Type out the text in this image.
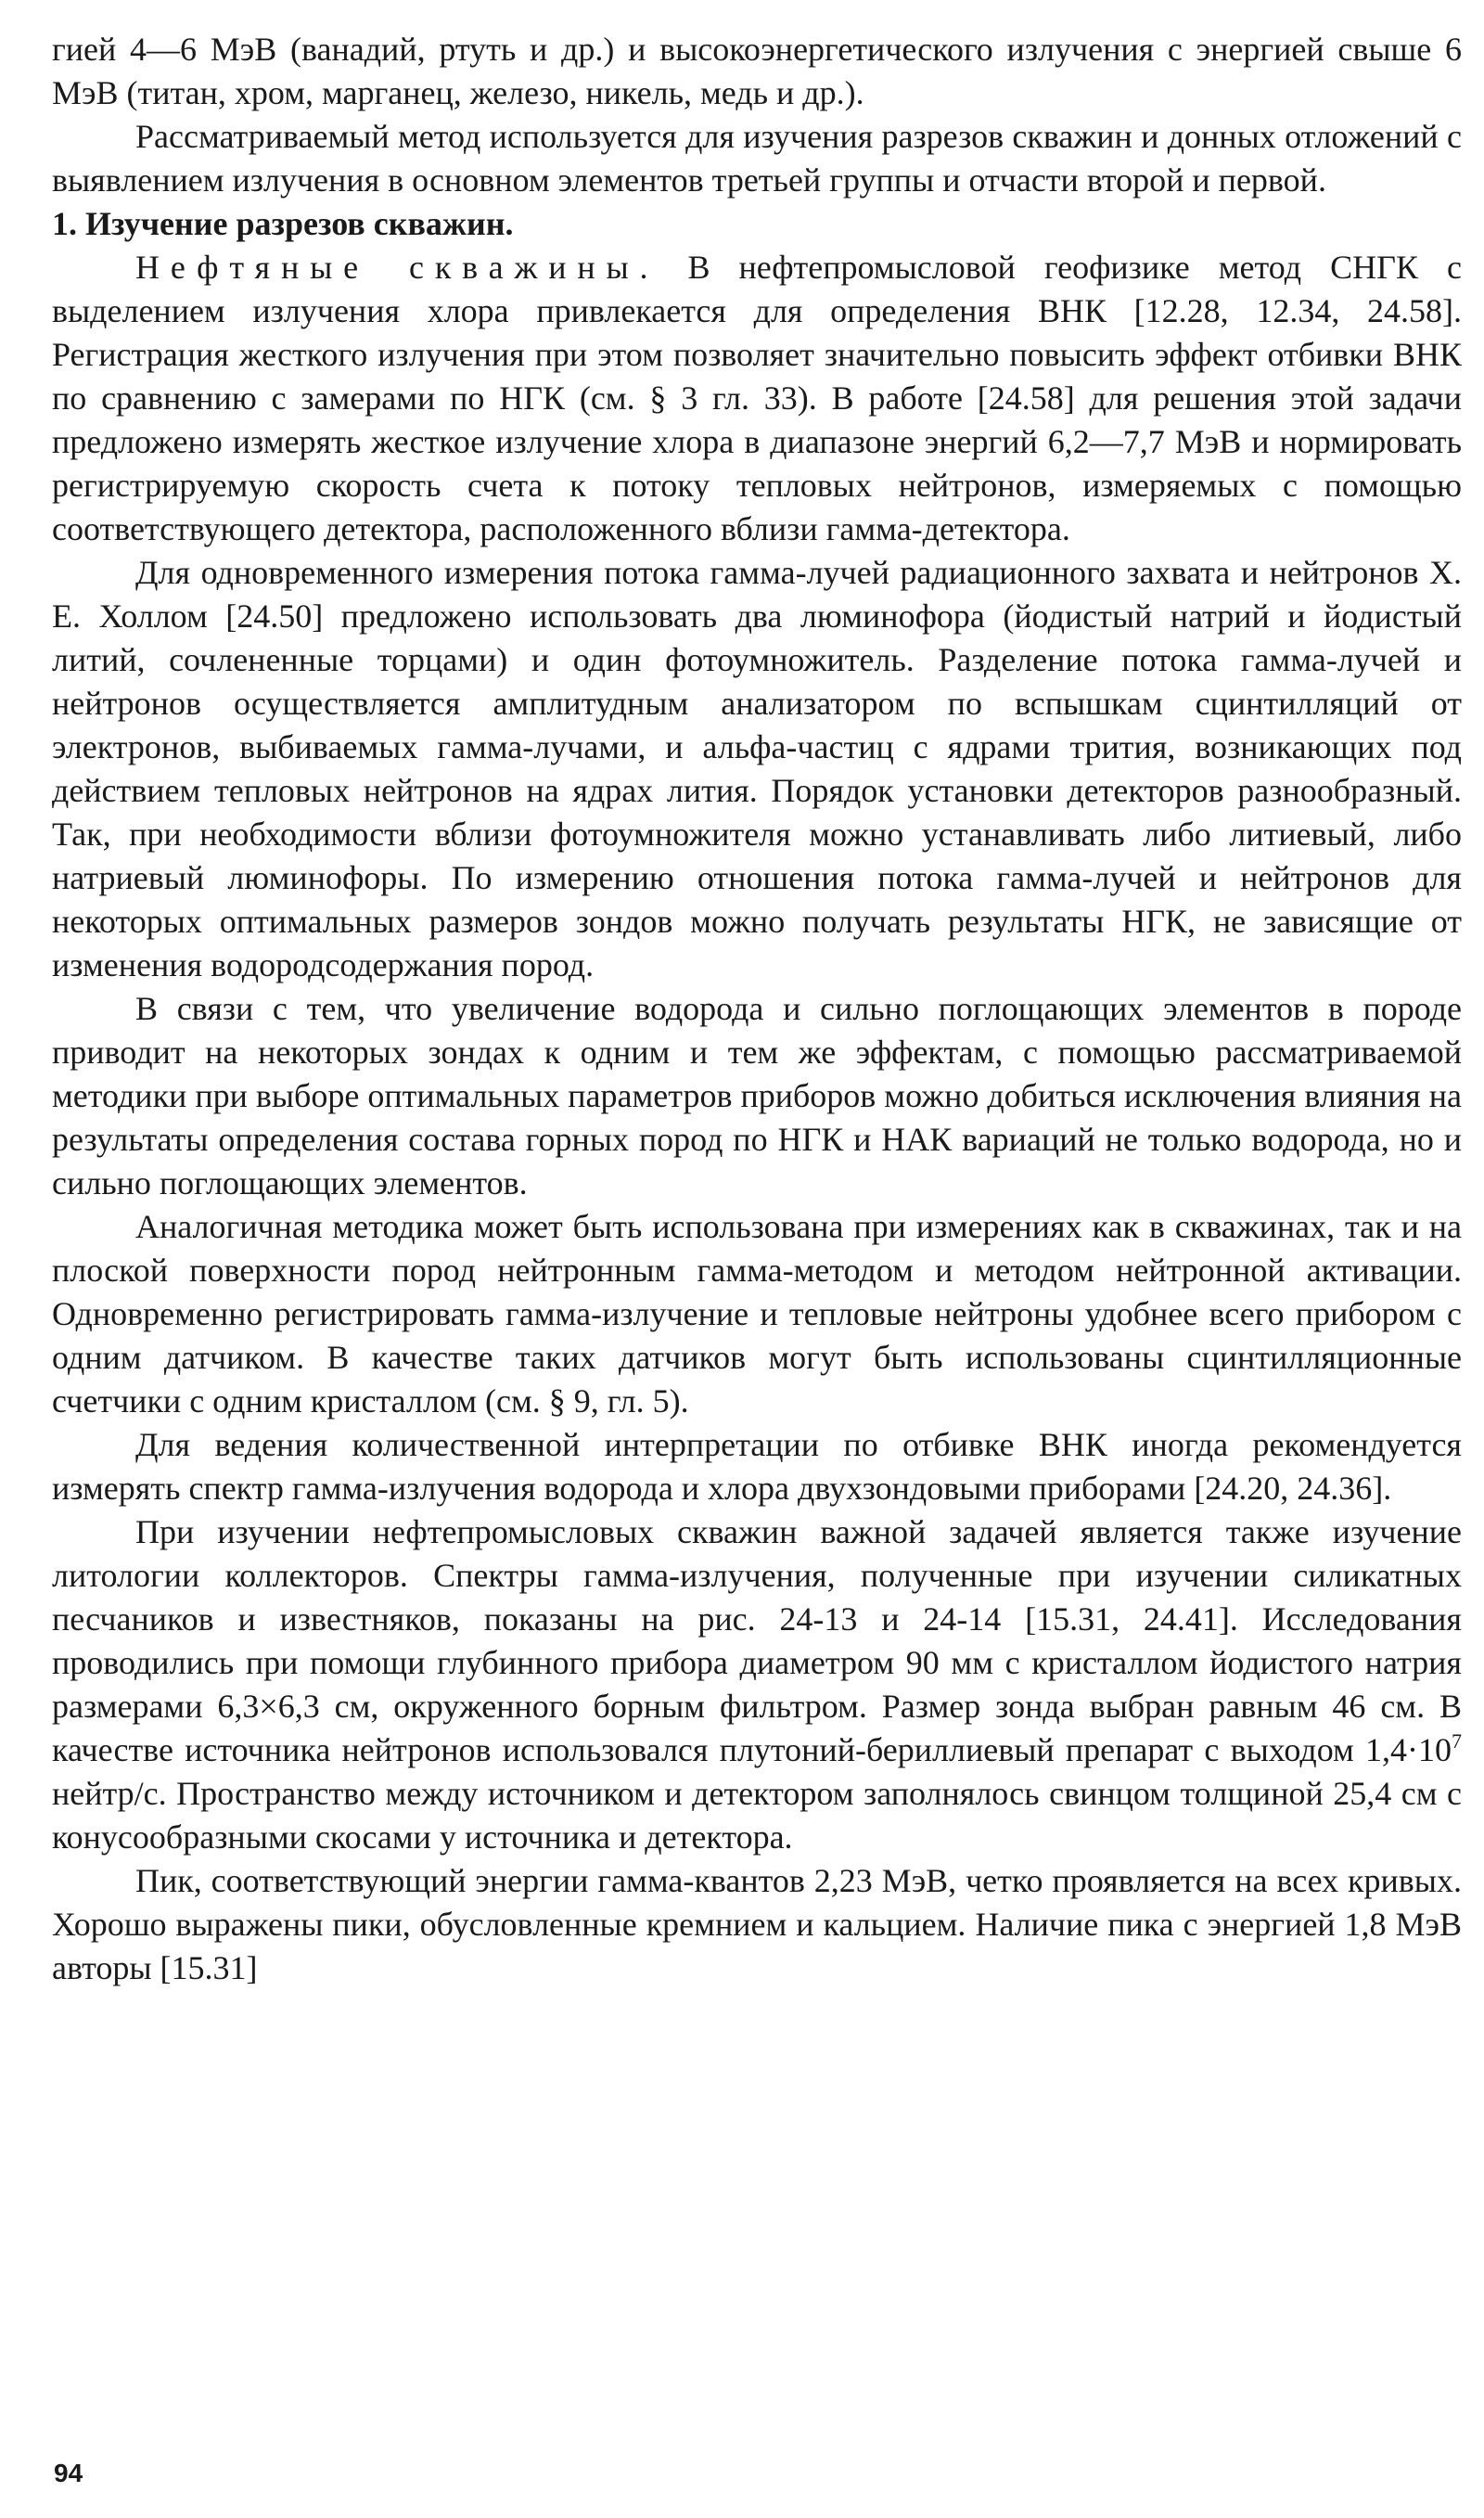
гией 4—6 МэВ (ванадий, ртуть и др.) и высокоэнергетического излучения с энергией свыше 6 МэВ (титан, хром, марганец, железо, никель, медь и др.).

Рассматриваемый метод используется для изучения разрезов скважин и донных отложений с выявлением излучения в основном элементов третьей группы и отчасти второй и первой.

1. Изучение разрезов скважин.

Нефтяные скважины. В нефтепромысловой геофизике метод СНГК с выделением излучения хлора привлекается для определения ВНК [12.28, 12.34, 24.58]. Регистрация жесткого излучения при этом позволяет значительно повысить эффект отбивки ВНК по сравнению с замерами по НГК (см. § 3 гл. 33). В работе [24.58] для решения этой задачи предложено измерять жесткое излучение хлора в диапазоне энергий 6,2—7,7 МэВ и нормировать регистрируемую скорость счета к потоку тепловых нейтронов, измеряемых с помощью соответствующего детектора, расположенного вблизи гамма-детектора.

Для одновременного измерения потока гамма-лучей радиационного захвата и нейтронов Х. Е. Холлом [24.50] предложено использовать два люминофора (йодистый натрий и йодистый литий, сочлененные торцами) и один фотоумножитель. Разделение потока гамма-лучей и нейтронов осуществляется амплитудным анализатором по вспышкам сцинтилляций от электронов, выбиваемых гамма-лучами, и альфа-частиц с ядрами трития, возникающих под действием тепловых нейтронов на ядрах лития. Порядок установки детекторов разнообразный. Так, при необходимости вблизи фотоумножителя можно устанавливать либо литиевый, либо натриевый люминофоры. По измерению отношения потока гамма-лучей и нейтронов для некоторых оптимальных размеров зондов можно получать результаты НГК, не зависящие от изменения водородсодержания пород.

В связи с тем, что увеличение водорода и сильно поглощающих элементов в породе приводит на некоторых зондах к одним и тем же эффектам, с помощью рассматриваемой методики при выборе оптимальных параметров приборов можно добиться исключения влияния на результаты определения состава горных пород по НГК и НАК вариаций не только водорода, но и сильно поглощающих элементов.

Аналогичная методика может быть использована при измерениях как в скважинах, так и на плоской поверхности пород нейтронным гамма-методом и методом нейтронной активации. Одновременно регистрировать гамма-излучение и тепловые нейтроны удобнее всего прибором с одним датчиком. В качестве таких датчиков могут быть использованы сцинтилляционные счетчики с одним кристаллом (см. § 9, гл. 5).

Для ведения количественной интерпретации по отбивке ВНК иногда рекомендуется измерять спектр гамма-излучения водорода и хлора двухзондовыми приборами [24.20, 24.36].

При изучении нефтепромысловых скважин важной задачей является также изучение литологии коллекторов. Спектры гамма-излучения, полученные при изучении силикатных песчаников и известняков, показаны на рис. 24-13 и 24-14 [15.31, 24.41]. Исследования проводились при помощи глубинного прибора диаметром 90 мм с кристаллом йодистого натрия размерами 6,3×6,3 см, окруженного борным фильтром. Размер зонда выбран равным 46 см. В качестве источника нейтронов использовался плутоний-бериллиевый препарат с выходом $1,4\cdot 10^7$ нейтр/с. Пространство между источником и детектором заполнялось свинцом толщиной 25,4 см с конусообразными скосами у источника и детектора.

Пик, соответствующий энергии гамма-квантов 2,23 МэВ, четко проявляется на всех кривых. Хорошо выражены пики, обусловленные кремнием и кальцием. Наличие пика с энергией 1,8 МэВ авторы [15.31]

94
